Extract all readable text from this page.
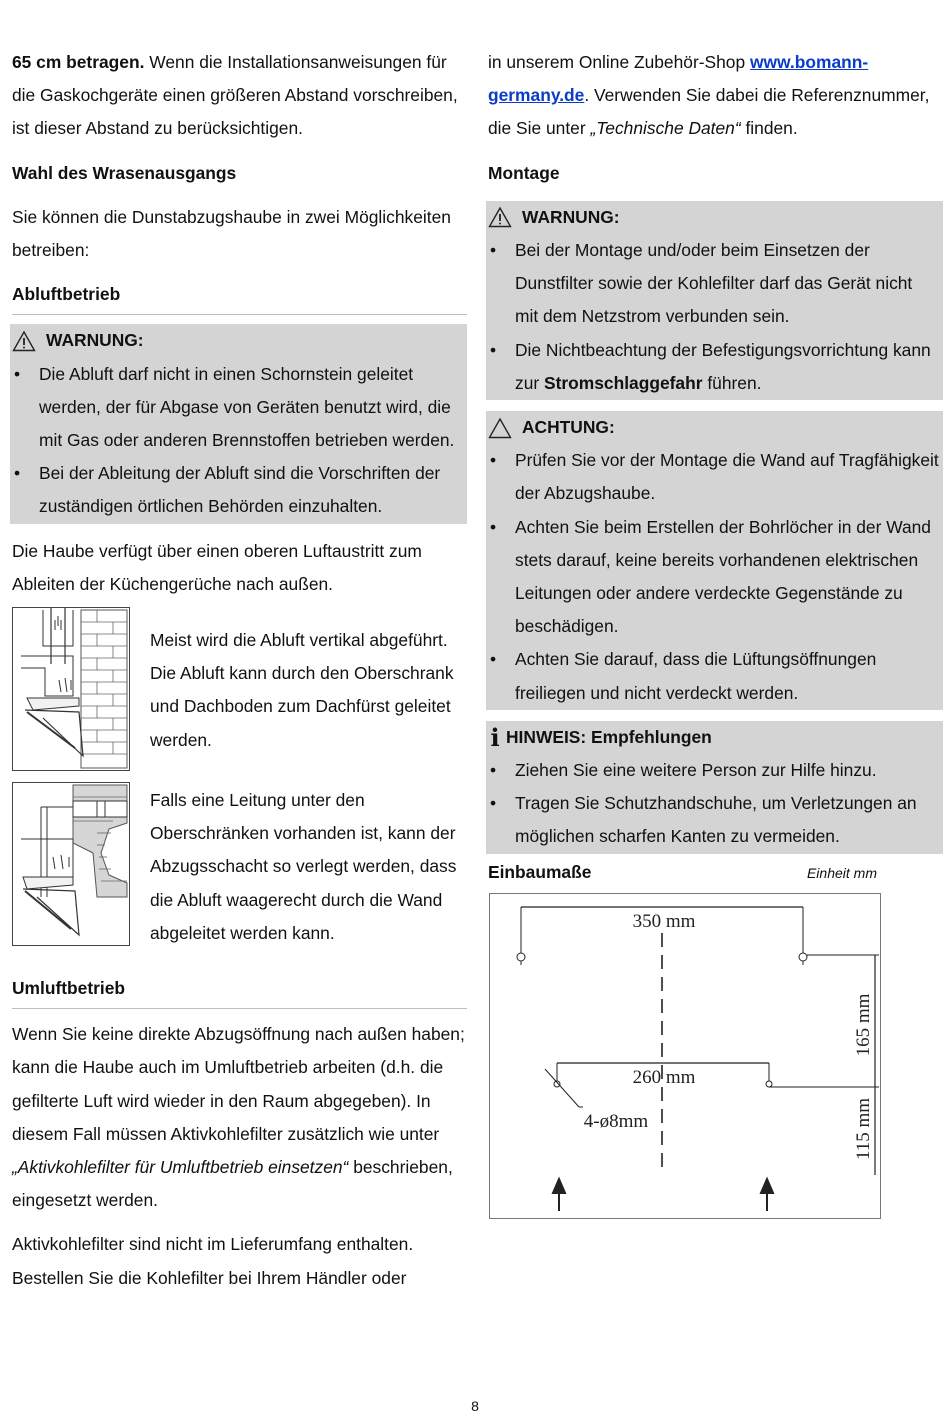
65 cm betragen. Wenn die Installationsanweisungen für die Gaskochgeräte einen größeren Abstand vorschreiben, ist dieser Abstand zu berücksichtigen.

Wahl des Wrasenausgangs

Sie können die Dunstabzugshaube in zwei Möglichkeiten betreiben:

Abluftbetrieb

WARNUNG:
• Die Abluft darf nicht in einen Schornstein geleitet werden, der für Abgase von Geräten benutzt wird, die mit Gas oder anderen Brennstoffen betrieben werden.
• Bei der Ableitung der Abluft sind die Vorschriften der zuständigen örtlichen Behörden einzuhalten.

Die Haube verfügt über einen oberen Luftaustritt zum Ableiten der Küchengerüche nach außen.

Meist wird die Abluft vertikal abgeführt. Die Abluft kann durch den Oberschrank und Dachboden zum Dachfürst geleitet werden.

Falls eine Leitung unter den Oberschränken vorhanden ist, kann der Abzugsschacht so verlegt werden, dass die Abluft waagerecht durch die Wand abgeleitet werden kann.

Umluftbetrieb

Wenn Sie keine direkte Abzugsöffnung nach außen haben; kann die Haube auch im Umluftbetrieb arbeiten (d.h. die gefilterte Luft wird wieder in den Raum abgegeben). In diesem Fall müssen Aktivkohlefilter zusätzlich wie unter „Aktivkohlefilter für Umluftbetrieb einsetzen“ beschrieben, eingesetzt werden.

Aktivkohlefilter sind nicht im Lieferumfang enthalten. Bestellen Sie die Kohlefilter bei Ihrem Händler oder

in unserem Online Zubehör-Shop www.bomann-germany.de. Verwenden Sie dabei die Referenznummer, die Sie unter „Technische Daten“ finden.

Montage

WARNUNG:
• Bei der Montage und/oder beim Einsetzen der Dunstfilter sowie der Kohlefilter darf das Gerät nicht mit dem Netzstrom verbunden sein.
• Die Nichtbeachtung der Befestigungsvorrichtung kann zur Stromschlaggefahr führen.
ACHTUNG:
• Prüfen Sie vor der Montage die Wand auf Tragfähigkeit der Abzugshaube.
• Achten Sie beim Erstellen der Bohrlöcher in der Wand stets darauf, keine bereits vorhandenen elektrischen Leitungen oder andere verdeckte Gegenstände zu beschädigen.
• Achten Sie darauf, dass die Lüftungsöffnungen freiliegen und nicht verdeckt werden.
i HINWEIS: Empfehlungen
• Ziehen Sie eine weitere Person zur Hilfe hinzu.
• Tragen Sie Schutzhandschuhe, um Verletzungen an möglichen scharfen Kanten zu vermeiden.
Einbaumaße	Einheit mm
350 mm
165 mm
115 mm
260 mm
4-ø8mm
8
